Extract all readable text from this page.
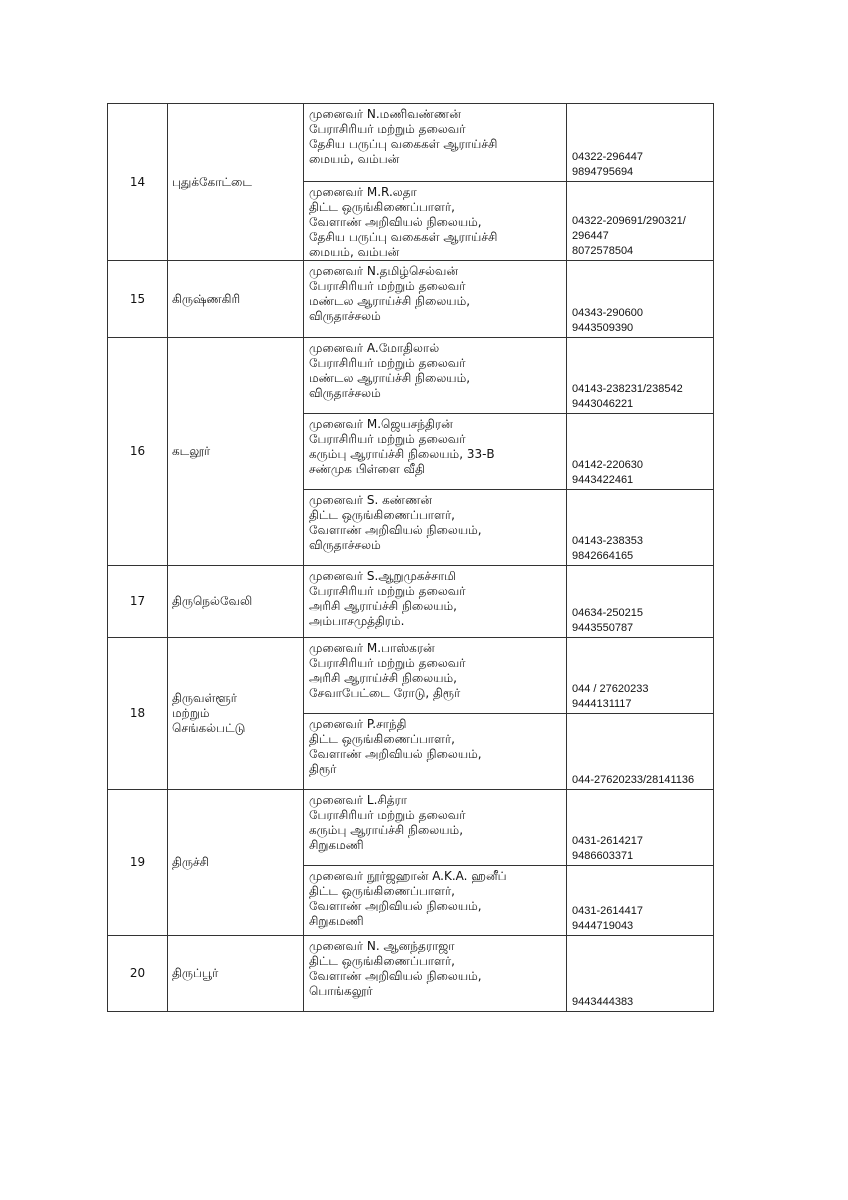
14	புதுக்கோட்டை	முனைவர் N.மணிவண்ணன்
பேராசிரியர் மற்றும் தலைவர்
தேசிய பருப்பு வகைகள் ஆராய்ச்சி
மையம், வம்பன்	04322-296447
9894795694

		முனைவர் M.R.லதா
திட்ட ஒருங்கிணைப்பாளர்,
வேளாண் அறிவியல் நிலையம்,
தேசிய பருப்பு வகைகள் ஆராய்ச்சி
மையம், வம்பன்	04322-209691/290321/
296447
8072578504

15	கிருஷ்ணகிரி	முனைவர் N.தமிழ்செல்வன்
பேராசிரியர் மற்றும் தலைவர்
மண்டல ஆராய்ச்சி நிலையம்,
விருதாச்சலம்	04343-290600
9443509390

16	கடலூர்	முனைவர் A.மோதிலால்
பேராசிரியர் மற்றும் தலைவர்
மண்டல ஆராய்ச்சி நிலையம்,
விருதாச்சலம்	04143-238231/238542
9443046221

		முனைவர் M.ஜெயசந்திரன்
பேராசிரியர் மற்றும் தலைவர்
கரும்பு ஆராய்ச்சி நிலையம், 33-B
சண்முக பிள்ளை வீதி	04142-220630
9443422461

		முனைவர் S. கண்ணன்
திட்ட ஒருங்கிணைப்பாளர்,
வேளாண் அறிவியல் நிலையம்,
விருதாச்சலம்	04143-238353
9842664165

17	திருநெல்வேலி	முனைவர் S.ஆறுமுகச்சாமி
பேராசிரியர் மற்றும் தலைவர்
அரிசி ஆராய்ச்சி நிலையம்,
அம்பாசமுத்திரம்.	04634-250215
9443550787

18	திருவள்ளூர்
மற்றும்
செங்கல்பட்டு	முனைவர் M.பாஸ்கரன்
பேராசிரியர் மற்றும் தலைவர்
அரிசி ஆராய்ச்சி நிலையம்,
சேவாபேட்டை ரோடு, திரூர்	044 / 27620233
9444131117

		முனைவர் P.சாந்தி
திட்ட ஒருங்கிணைப்பாளர்,
வேளாண் அறிவியல் நிலையம்,
திரூர்	044-27620233/28141136

19	திருச்சி	முனைவர் L.சித்ரா
பேராசிரியர் மற்றும் தலைவர்
கரும்பு ஆராய்ச்சி நிலையம்,
சிறுகமணி	0431-2614217
9486603371

		முனைவர் நூர்ஜஹான் A.K.A. ஹனீப்
திட்ட ஒருங்கிணைப்பாளர்,
வேளாண் அறிவியல் நிலையம்,
சிறுகமணி	0431-2614417
9444719043

20	திருப்பூர்	முனைவர் N. ஆனந்தராஜா
திட்ட ஒருங்கிணைப்பாளர்,
வேளாண் அறிவியல் நிலையம்,
பொங்கலூர்	9443444383
